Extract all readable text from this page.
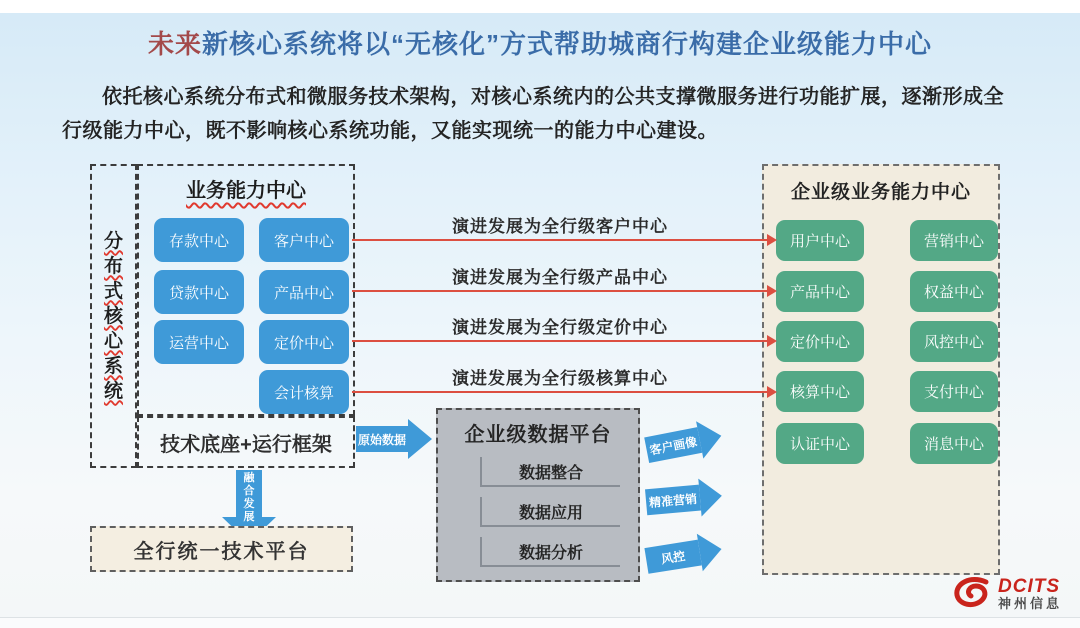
未来新核心系统将以“无核化”方式帮助城商行构建企业级能力中心
依托核心系统分布式和微服务技术架构，对核心系统内的公共支撑微服务进行功能扩展，逐渐形成全行级能力中心，既不影响核心系统功能，又能实现统一的能力中心建设。
分
布
式
核
心
系
统
业务能力中心
存款中心	客户中心
贷款中心	产品中心
运营中心	定价中心
会计核算
技术底座+运行框架
融
合
发
展
全行统一技术平台
演进发展为全行级客户中心
演进发展为全行级产品中心
演进发展为全行级定价中心
演进发展为全行级核算中心
原始数据	企业级数据平台
数据整合
数据应用
数据分析
客户画像
精准营销
风控
企业级业务能力中心
用户中心	营销中心
产品中心	权益中心
定价中心	风控中心
核算中心	支付中心
认证中心	消息中心
DCITS
神州信息
